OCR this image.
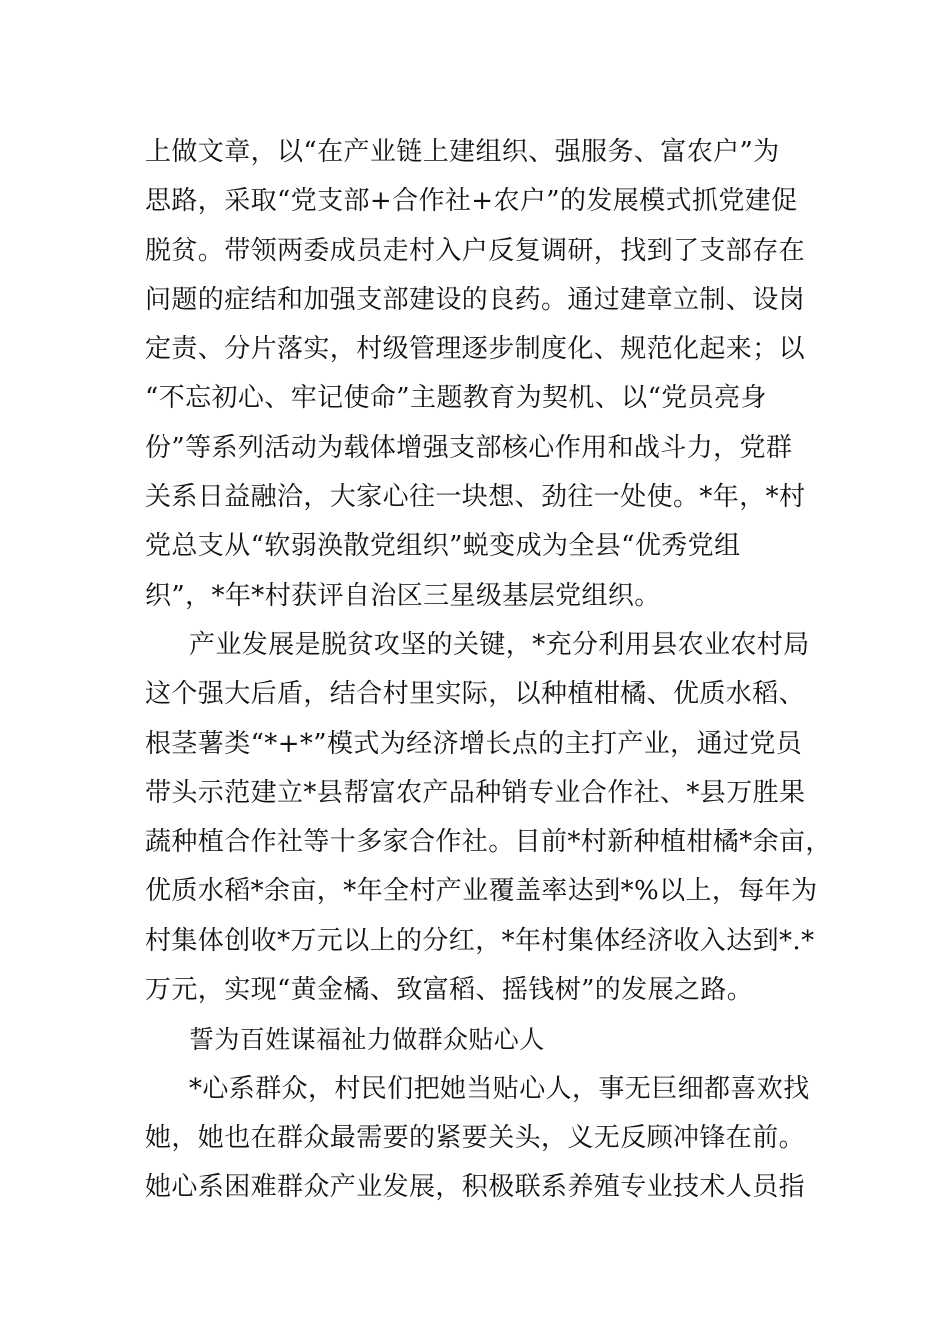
上做文章，以“在产业链上建组织、强服务、富农户”为
思路，采取“党支部+合作社+农户”的发展模式抓党建促
脱贫。带领两委成员走村入户反复调研，找到了支部存在
问题的症结和加强支部建设的良药。通过建章立制、设岗
定责、分片落实，村级管理逐步制度化、规范化起来；以
“不忘初心、牢记使命”主题教育为契机、以“党员亮身
份”等系列活动为载体增强支部核心作用和战斗力，党群
关系日益融洽，大家心往一块想、劲往一处使。*年，*村
党总支从“软弱涣散党组织”蜕变成为全县“优秀党组
织”，*年*村获评自治区三星级基层党组织。
产业发展是脱贫攻坚的关键，*充分利用县农业农村局
这个强大后盾，结合村里实际，以种植柑橘、优质水稻、
根茎薯类“*+*”模式为经济增长点的主打产业，通过党员
带头示范建立*县帮富农产品种销专业合作社、*县万胜果
蔬种植合作社等十多家合作社。目前*村新种植柑橘*余亩，
优质水稻*余亩，*年全村产业覆盖率达到*%以上，每年为
村集体创收*万元以上的分红，*年村集体经济收入达到*.*
万元，实现“黄金橘、致富稻、摇钱树”的发展之路。
誓为百姓谋福祉力做群众贴心人
*心系群众，村民们把她当贴心人，事无巨细都喜欢找
她，她也在群众最需要的紧要关头，义无反顾冲锋在前。
她心系困难群众产业发展，积极联系养殖专业技术人员指
